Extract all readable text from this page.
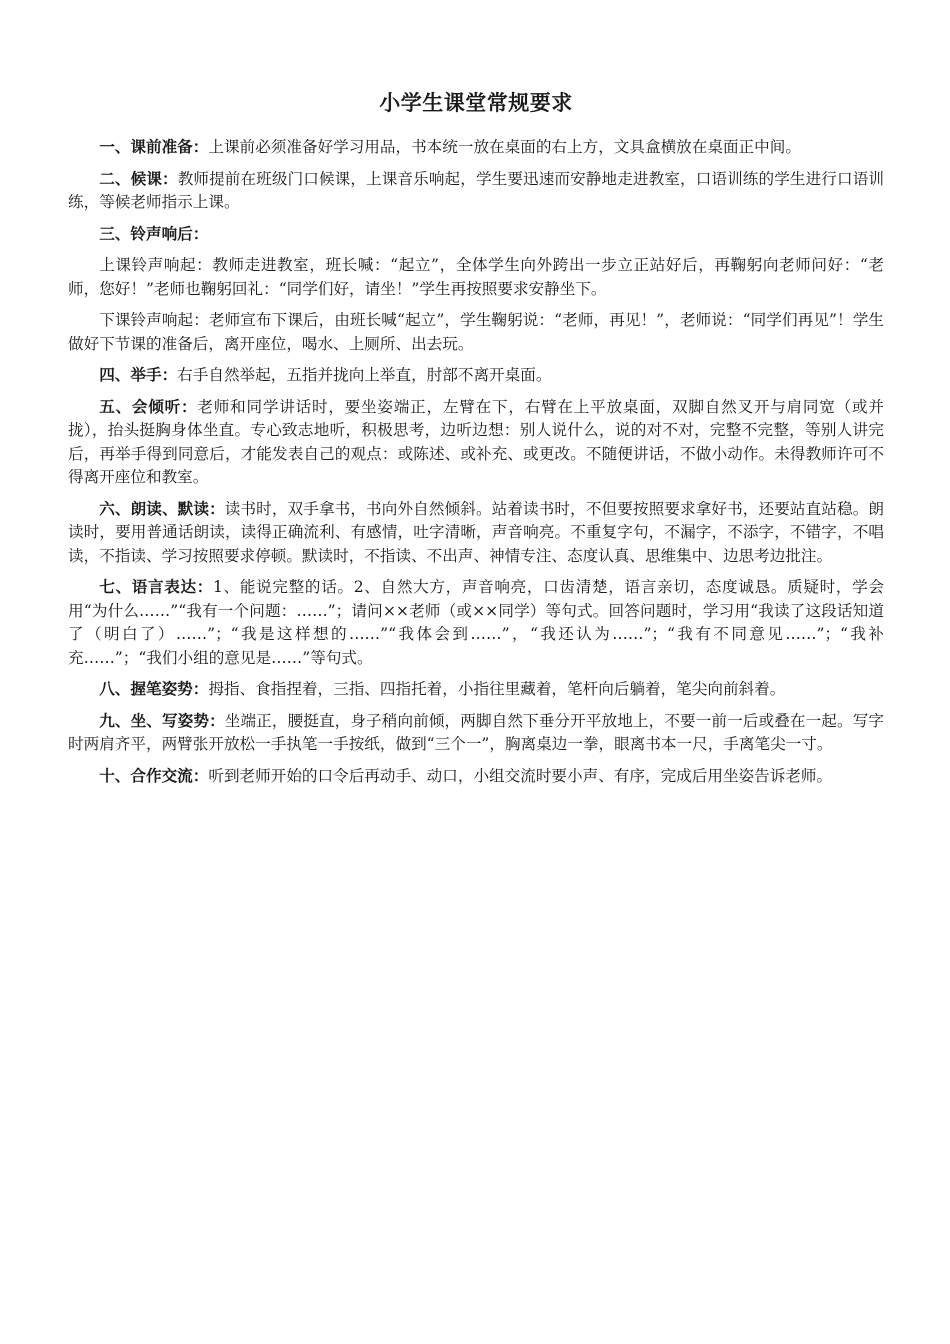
小学生课堂常规要求

一、课前准备：上课前必须准备好学习用品，书本统一放在桌面的右上方，文具盒横放在桌面正中间。

二、候课：教师提前在班级门口候课，上课音乐响起，学生要迅速而安静地走进教室，口语训练的学生进行口语训练，等候老师指示上课。

三、铃声响后：

上课铃声响起：教师走进教室，班长喊：“起立”，全体学生向外跨出一步立正站好后，再鞠躬向老师问好：“老师，您好！”老师也鞠躬回礼：“同学们好，请坐！”学生再按照要求安静坐下。

下课铃声响起：老师宣布下课后，由班长喊“起立”，学生鞠躬说：“老师，再见！”，老师说：“同学们再见”！学生做好下节课的准备后，离开座位，喝水、上厕所、出去玩。

四、举手：右手自然举起，五指并拢向上举直，肘部不离开桌面。

五、会倾听：老师和同学讲话时，要坐姿端正，左臂在下，右臂在上平放桌面，双脚自然叉开与肩同宽（或并拢），抬头挺胸身体坐直。专心致志地听，积极思考，边听边想：别人说什么，说的对不对，完整不完整，等别人讲完后，再举手得到同意后，才能发表自己的观点：或陈述、或补充、或更改。不随便讲话，不做小动作。未得教师许可不得离开座位和教室。

六、朗读、默读：读书时，双手拿书，书向外自然倾斜。站着读书时，不但要按照要求拿好书，还要站直站稳。朗读时，要用普通话朗读，读得正确流利、有感情，吐字清晰，声音响亮。不重复字句，不漏字，不添字，不错字，不唱读，不指读、学习按照要求停顿。默读时，不指读、不出声、神情专注、态度认真、思维集中、边思考边批注。

七、语言表达：1、能说完整的话。2、自然大方，声音响亮，口齿清楚，语言亲切，态度诚恳。质疑时，学会用“为什么……”“我有一个问题：……”；请问××老师（或××同学）等句式。回答问题时，学习用“我读了这段话知道了（明白了）……”；“我是这样想的……”“我体会到……”，“我还认为……”；“我有不同意见……”；“我补充……”；“我们小组的意见是……”等句式。

八、握笔姿势：拇指、食指捏着，三指、四指托着，小指往里藏着，笔杆向后躺着，笔尖向前斜着。

九、坐、写姿势：坐端正，腰挺直，身子稍向前倾，两脚自然下垂分开平放地上，不要一前一后或叠在一起。写字时两肩齐平，两臂张开放松一手执笔一手按纸，做到“三个一”，胸离桌边一拳，眼离书本一尺，手离笔尖一寸。

十、合作交流：听到老师开始的口令后再动手、动口，小组交流时要小声、有序，完成后用坐姿告诉老师。
